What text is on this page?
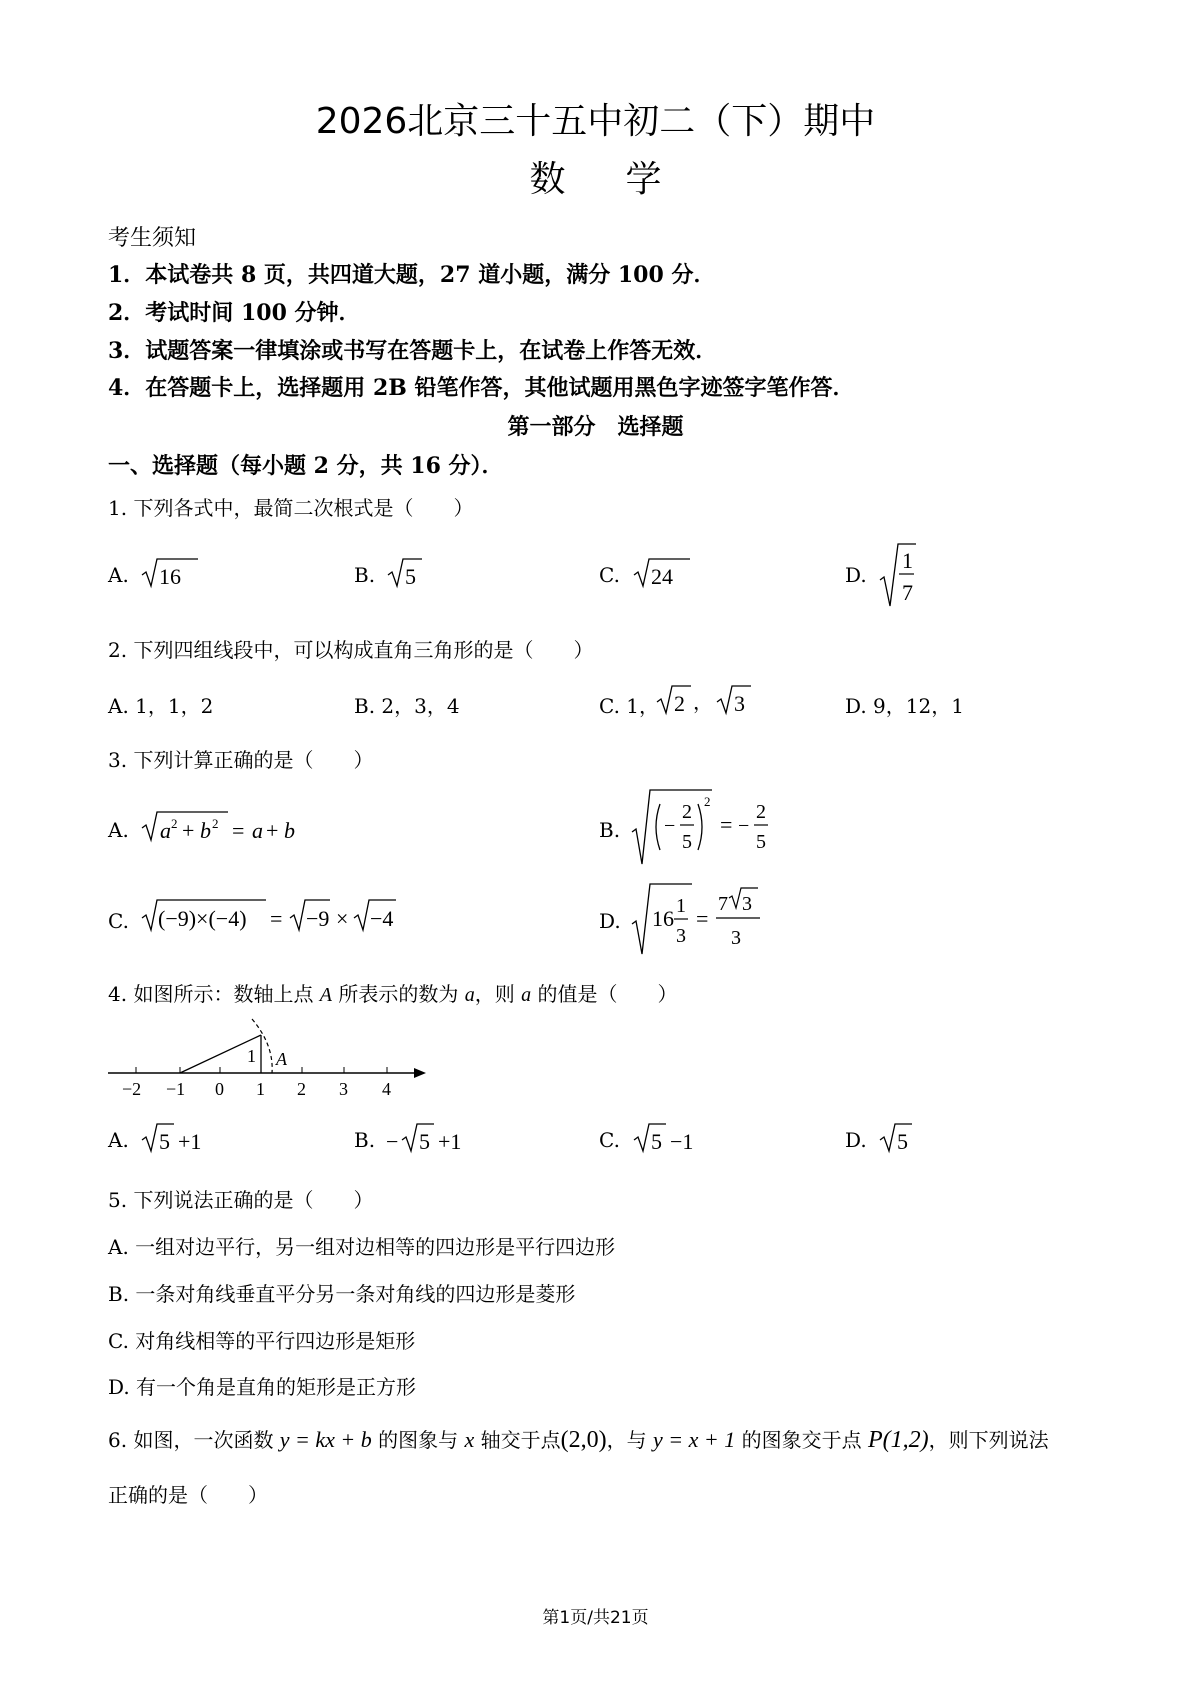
2026北京三十五中初二（下）期中
数学
考生须知
1．本试卷共 8 页，共四道大题，27 道小题，满分 100 分．
2．考试时间 100 分钟．
3．试题答案一律填涂或书写在答题卡上，在试卷上作答无效．
4．在答题卡上，选择题用 2B 铅笔作答，其他试题用黑色字迹签字笔作答．
第一部分　选择题
一、选择题（每小题 2 分，共 16 分）．
1. 下列各式中，最简二次根式是（　　）
A. 16	B. 5	C. 24	D.
1
7
2. 下列四组线段中，可以构成直角三角形的是（　　）
A. 1，1，2	B. 2，3，4	C. 1， 2 ， 3	D. 9，12，1
3. 下列计算正确的是（　　）
A. a 2 + b 2 = a + b	B. −
2
5
2
= −
2
5
C. (−9)×(−4) = −9 × −4	D. 16 1
3
=
7 3
3
4. 如图所示：数轴上点 A 所表示的数为 a，则 a 的值是（　　）
1 A
−2 −1 0 1 2 3 4
A. 5 +1	B. − 5 +1	C. 5 −1	D. 5
5. 下列说法正确的是（　　）
A. 一组对边平行，另一组对边相等的四边形是平行四边形
B. 一条对角线垂直平分另一条对角线的四边形是菱形
C. 对角线相等的平行四边形是矩形
D. 有一个角是直角的矩形是正方形
6. 如图，一次函数 y = kx + b 的图象与 x 轴交于点(2,0)，与 y = x + 1 的图象交于点 P(1,2)，则下列说法
正确的是（　　）
第1页/共21页
